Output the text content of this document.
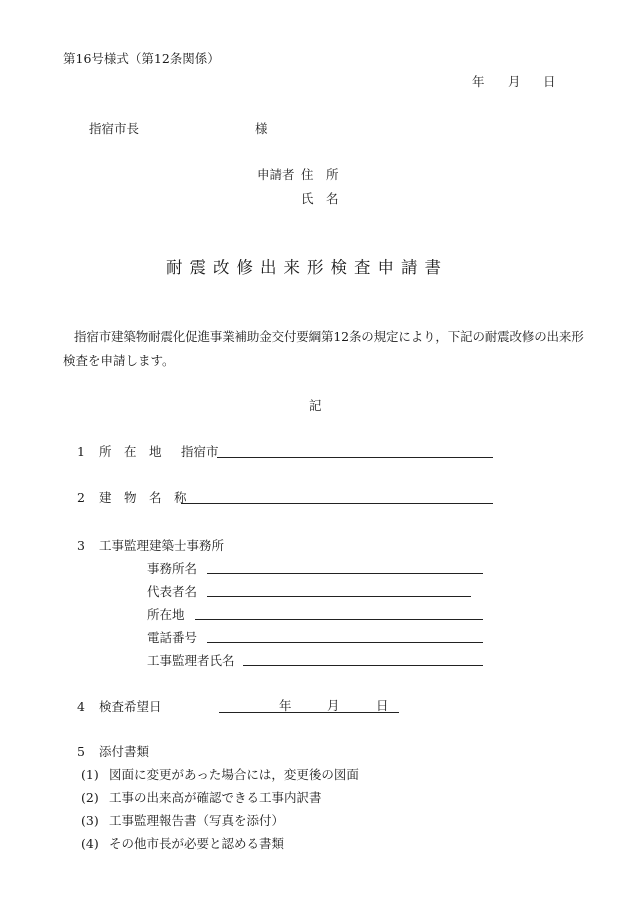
第16号様式（第12条関係）
年 月 日
指宿市長	様
申請者 住　所
氏　名
耐震改修出来形検査申請書
指宿市建築物耐震化促進事業補助金交付要綱第12条の規定により，下記の耐震改修の出来形
検査を申請します。
記
1 所　在　地 指宿市
2 建　物　名　称
3 工事監理建築士事務所
事務所名
代表者名
所在地
電話番号
工事監理者氏名
4 検査希望日	年	月	日
5 添付書類
(1) 図面に変更があった場合には，変更後の図面
(2) 工事の出来高が確認できる工事内訳書
(3) 工事監理報告書（写真を添付）
(4) その他市長が必要と認める書類
